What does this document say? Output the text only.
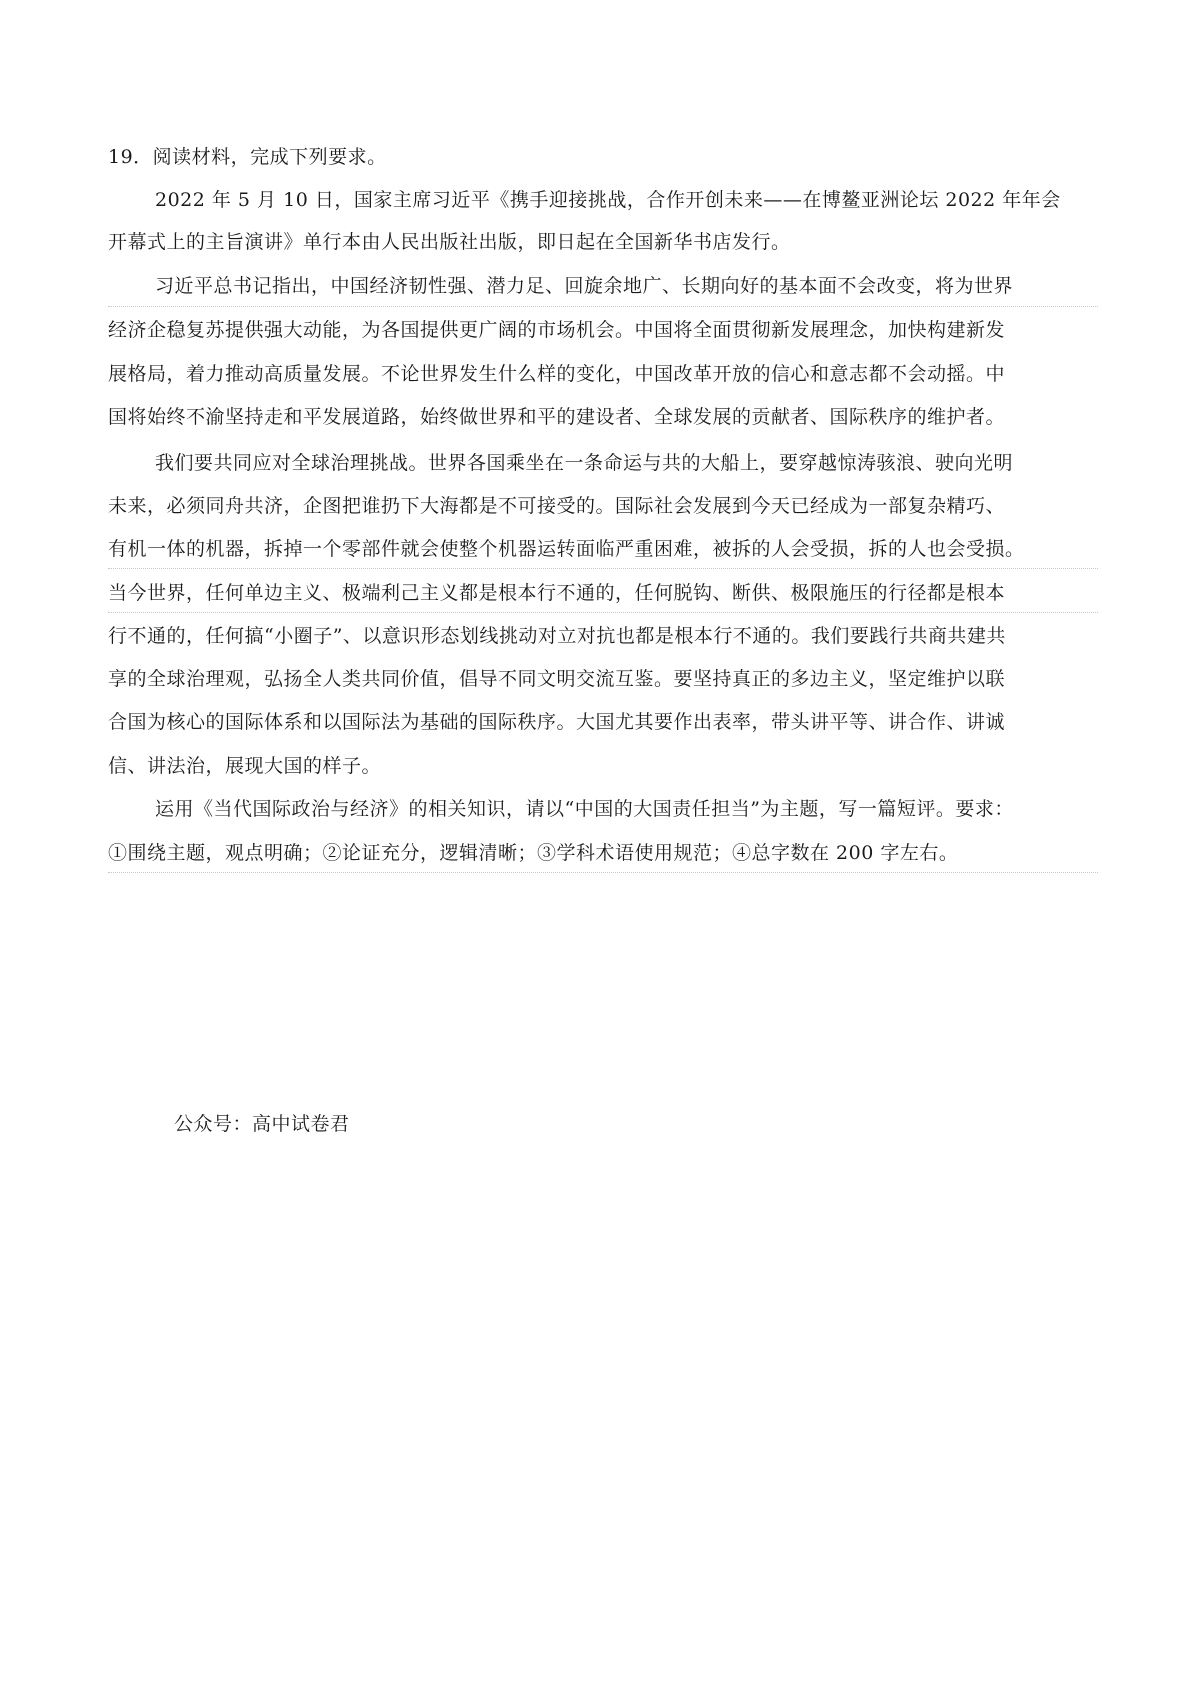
19．阅读材料，完成下列要求。
2022 年 5 月 10 日，国家主席习近平《携手迎接挑战，合作开创未来——在博鳌亚洲论坛 2022 年年会
开幕式上的主旨演讲》单行本由人民出版社出版，即日起在全国新华书店发行。
习近平总书记指出，中国经济韧性强、潜力足、回旋余地广、长期向好的基本面不会改变，将为世界
经济企稳复苏提供强大动能，为各国提供更广阔的市场机会。中国将全面贯彻新发展理念，加快构建新发
展格局，着力推动高质量发展。不论世界发生什么样的变化，中国改革开放的信心和意志都不会动摇。中
国将始终不渝坚持走和平发展道路，始终做世界和平的建设者、全球发展的贡献者、国际秩序的维护者。
我们要共同应对全球治理挑战。世界各国乘坐在一条命运与共的大船上，要穿越惊涛骇浪、驶向光明
未来，必须同舟共济，企图把谁扔下大海都是不可接受的。国际社会发展到今天已经成为一部复杂精巧、
有机一体的机器，拆掉一个零部件就会使整个机器运转面临严重困难，被拆的人会受损，拆的人也会受损。
当今世界，任何单边主义、极端利己主义都是根本行不通的，任何脱钩、断供、极限施压的行径都是根本
行不通的，任何搞“小圈子”、以意识形态划线挑动对立对抗也都是根本行不通的。我们要践行共商共建共
享的全球治理观，弘扬全人类共同价值，倡导不同文明交流互鉴。要坚持真正的多边主义，坚定维护以联
合国为核心的国际体系和以国际法为基础的国际秩序。大国尤其要作出表率，带头讲平等、讲合作、讲诚
信、讲法治，展现大国的样子。
运用《当代国际政治与经济》的相关知识，请以“中国的大国责任担当”为主题，写一篇短评。要求：
①围绕主题，观点明确；②论证充分，逻辑清晰；③学科术语使用规范；④总字数在 200 字左右。
公众号：高中试卷君
